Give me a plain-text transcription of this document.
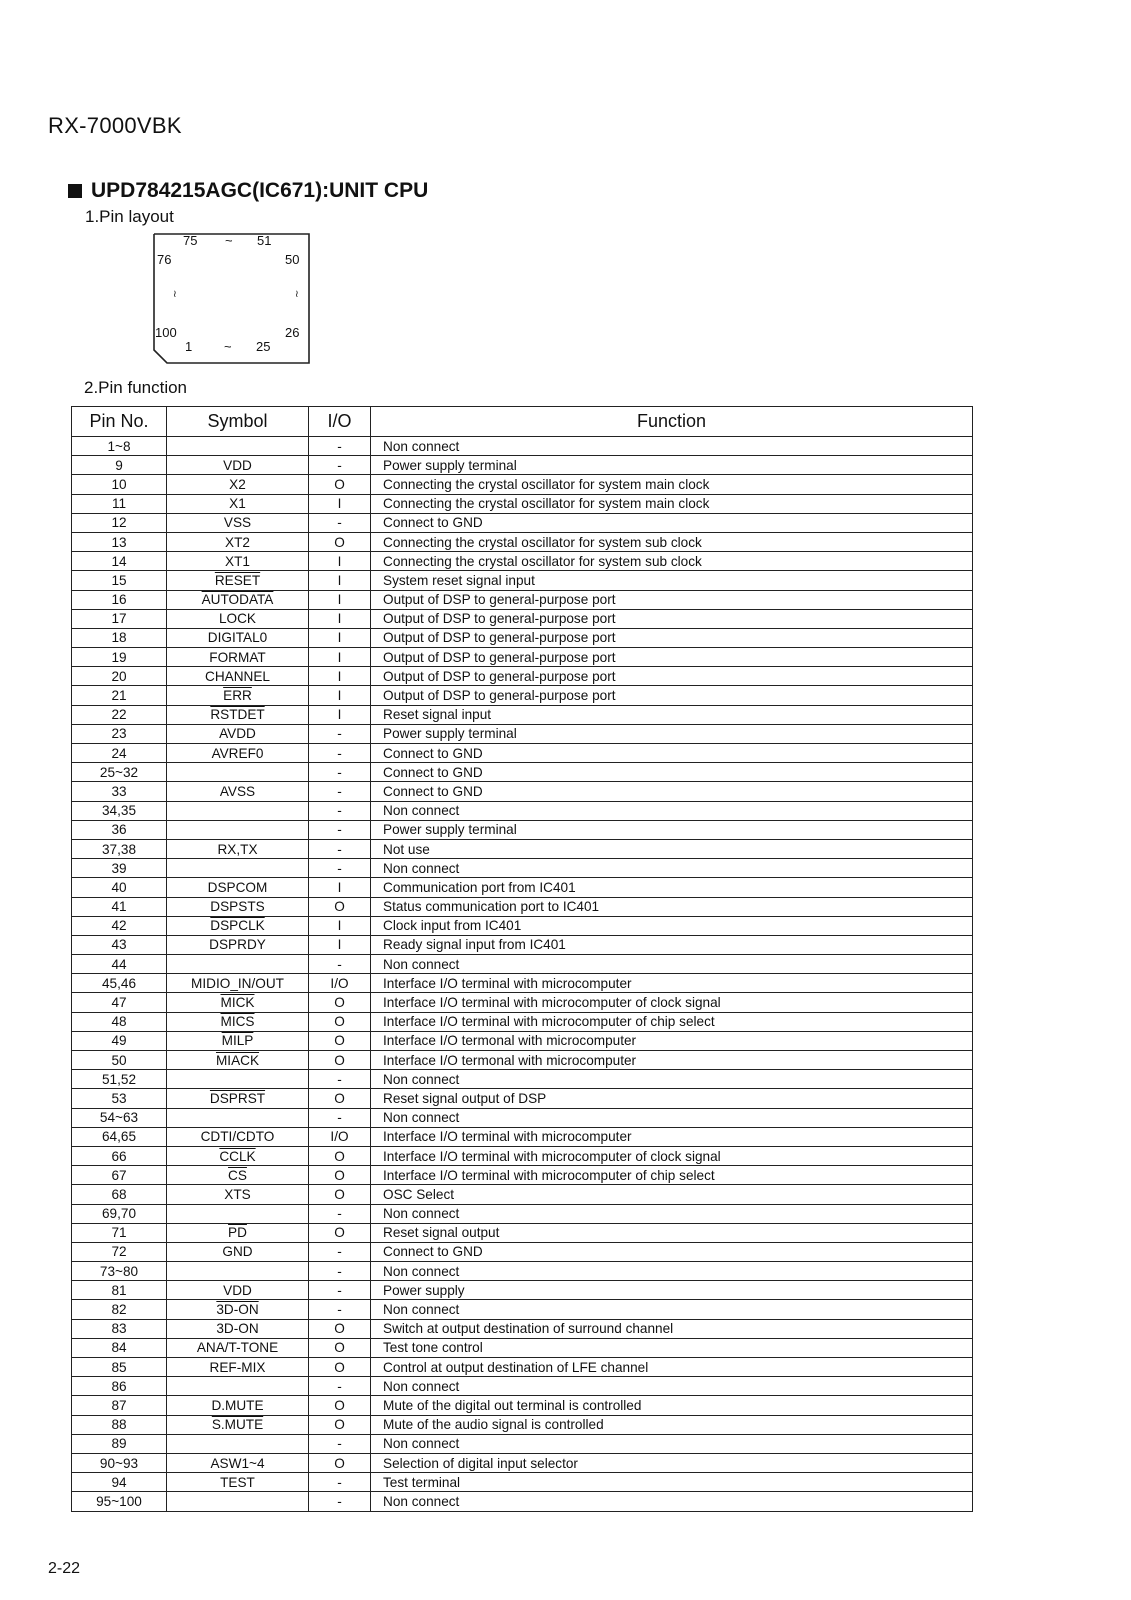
RX-7000VBK
UPD784215AGC(IC671):UNIT CPU
1.Pin layout
75 ~ 51
76	50
≀	≀
100	26
1 ~ 25
2.Pin function
Pin No.	Symbol	I/O	Function
1~8		-	Non connect
9	VDD	-	Power supply terminal
10	X2	O	Connecting the crystal oscillator for system main clock
11	X1	I	Connecting the crystal oscillator for system main clock
12	VSS	-	Connect to GND
13	XT2	O	Connecting the crystal oscillator for system sub clock
14	XT1	I	Connecting the crystal oscillator for system sub clock
15	RESET	I	System reset signal input
16	AUTODATA	I	Output of DSP to general-purpose port
17	LOCK	I	Output of DSP to general-purpose port
18	DIGITAL0	I	Output of DSP to general-purpose port
19	FORMAT	I	Output of DSP to general-purpose port
20	CHANNEL	I	Output of DSP to general-purpose port
21	$\overline{ERR}$	I	Output of DSP to general-purpose port
22	RSTDET	I	Reset signal input
23	AVDD	-	Power supply terminal
24	AVREF0	-	Connect to GND
25~32		-	Connect to GND
33	AVSS	-	Connect to GND
34,35		-	Non connect
36		-	Power supply terminal
37,38	RX,TX	-	Not use
39		-	Non connect
40	DSPCOM	I	Communication port from IC401
41	DSPSTS	O	Status communication port to IC401
42	DSPCLK	I	Clock input from IC401
43	DSPRDY	I	Ready signal input from IC401
44		-	Non connect
45,46	MIDIO_IN/OUT	I/O	Interface I/O terminal with microcomputer
47	MICK	O	Interface I/O terminal with microcomputer of clock signal
48	MICS	O	Interface I/O terminal with microcomputer of chip select
49	MILP	O	Interface I/O termonal with microcomputer
50	MIACK	O	Interface I/O termonal with microcomputer
51,52		-	Non connect
53	DSPRST	O	Reset signal output of DSP
54~63		-	Non connect
64,65	CDTI/CDTO	I/O	Interface I/O terminal with microcomputer
66	CCLK	O	Interface I/O terminal with microcomputer of clock signal
67	$\overline{CS}$	O	Interface I/O terminal with microcomputer of chip select
68	XTS	O	OSC Select
69,70		-	Non connect
71	$\overline{PD}$	O	Reset signal output
72	GND	-	Connect to GND
73~80		-	Non connect
81	VDD	-	Power supply
82	3D-ON	-	Non connect
83	3D-ON	O	Switch at output destination of surround channel
84	ANA/T-TONE	O	Test tone control
85	REF-MIX	O	Control at output destination of LFE channel
86		-	Non connect
87	D.MUTE	O	Mute of the digital out terminal is controlled
88	S.MUTE	O	Mute of the audio signal is controlled
89		-	Non connect
90~93	ASW1~4	O	Selection of digital input selector
94	TEST	-	Test terminal
95~100		-	Non connect
2-22
